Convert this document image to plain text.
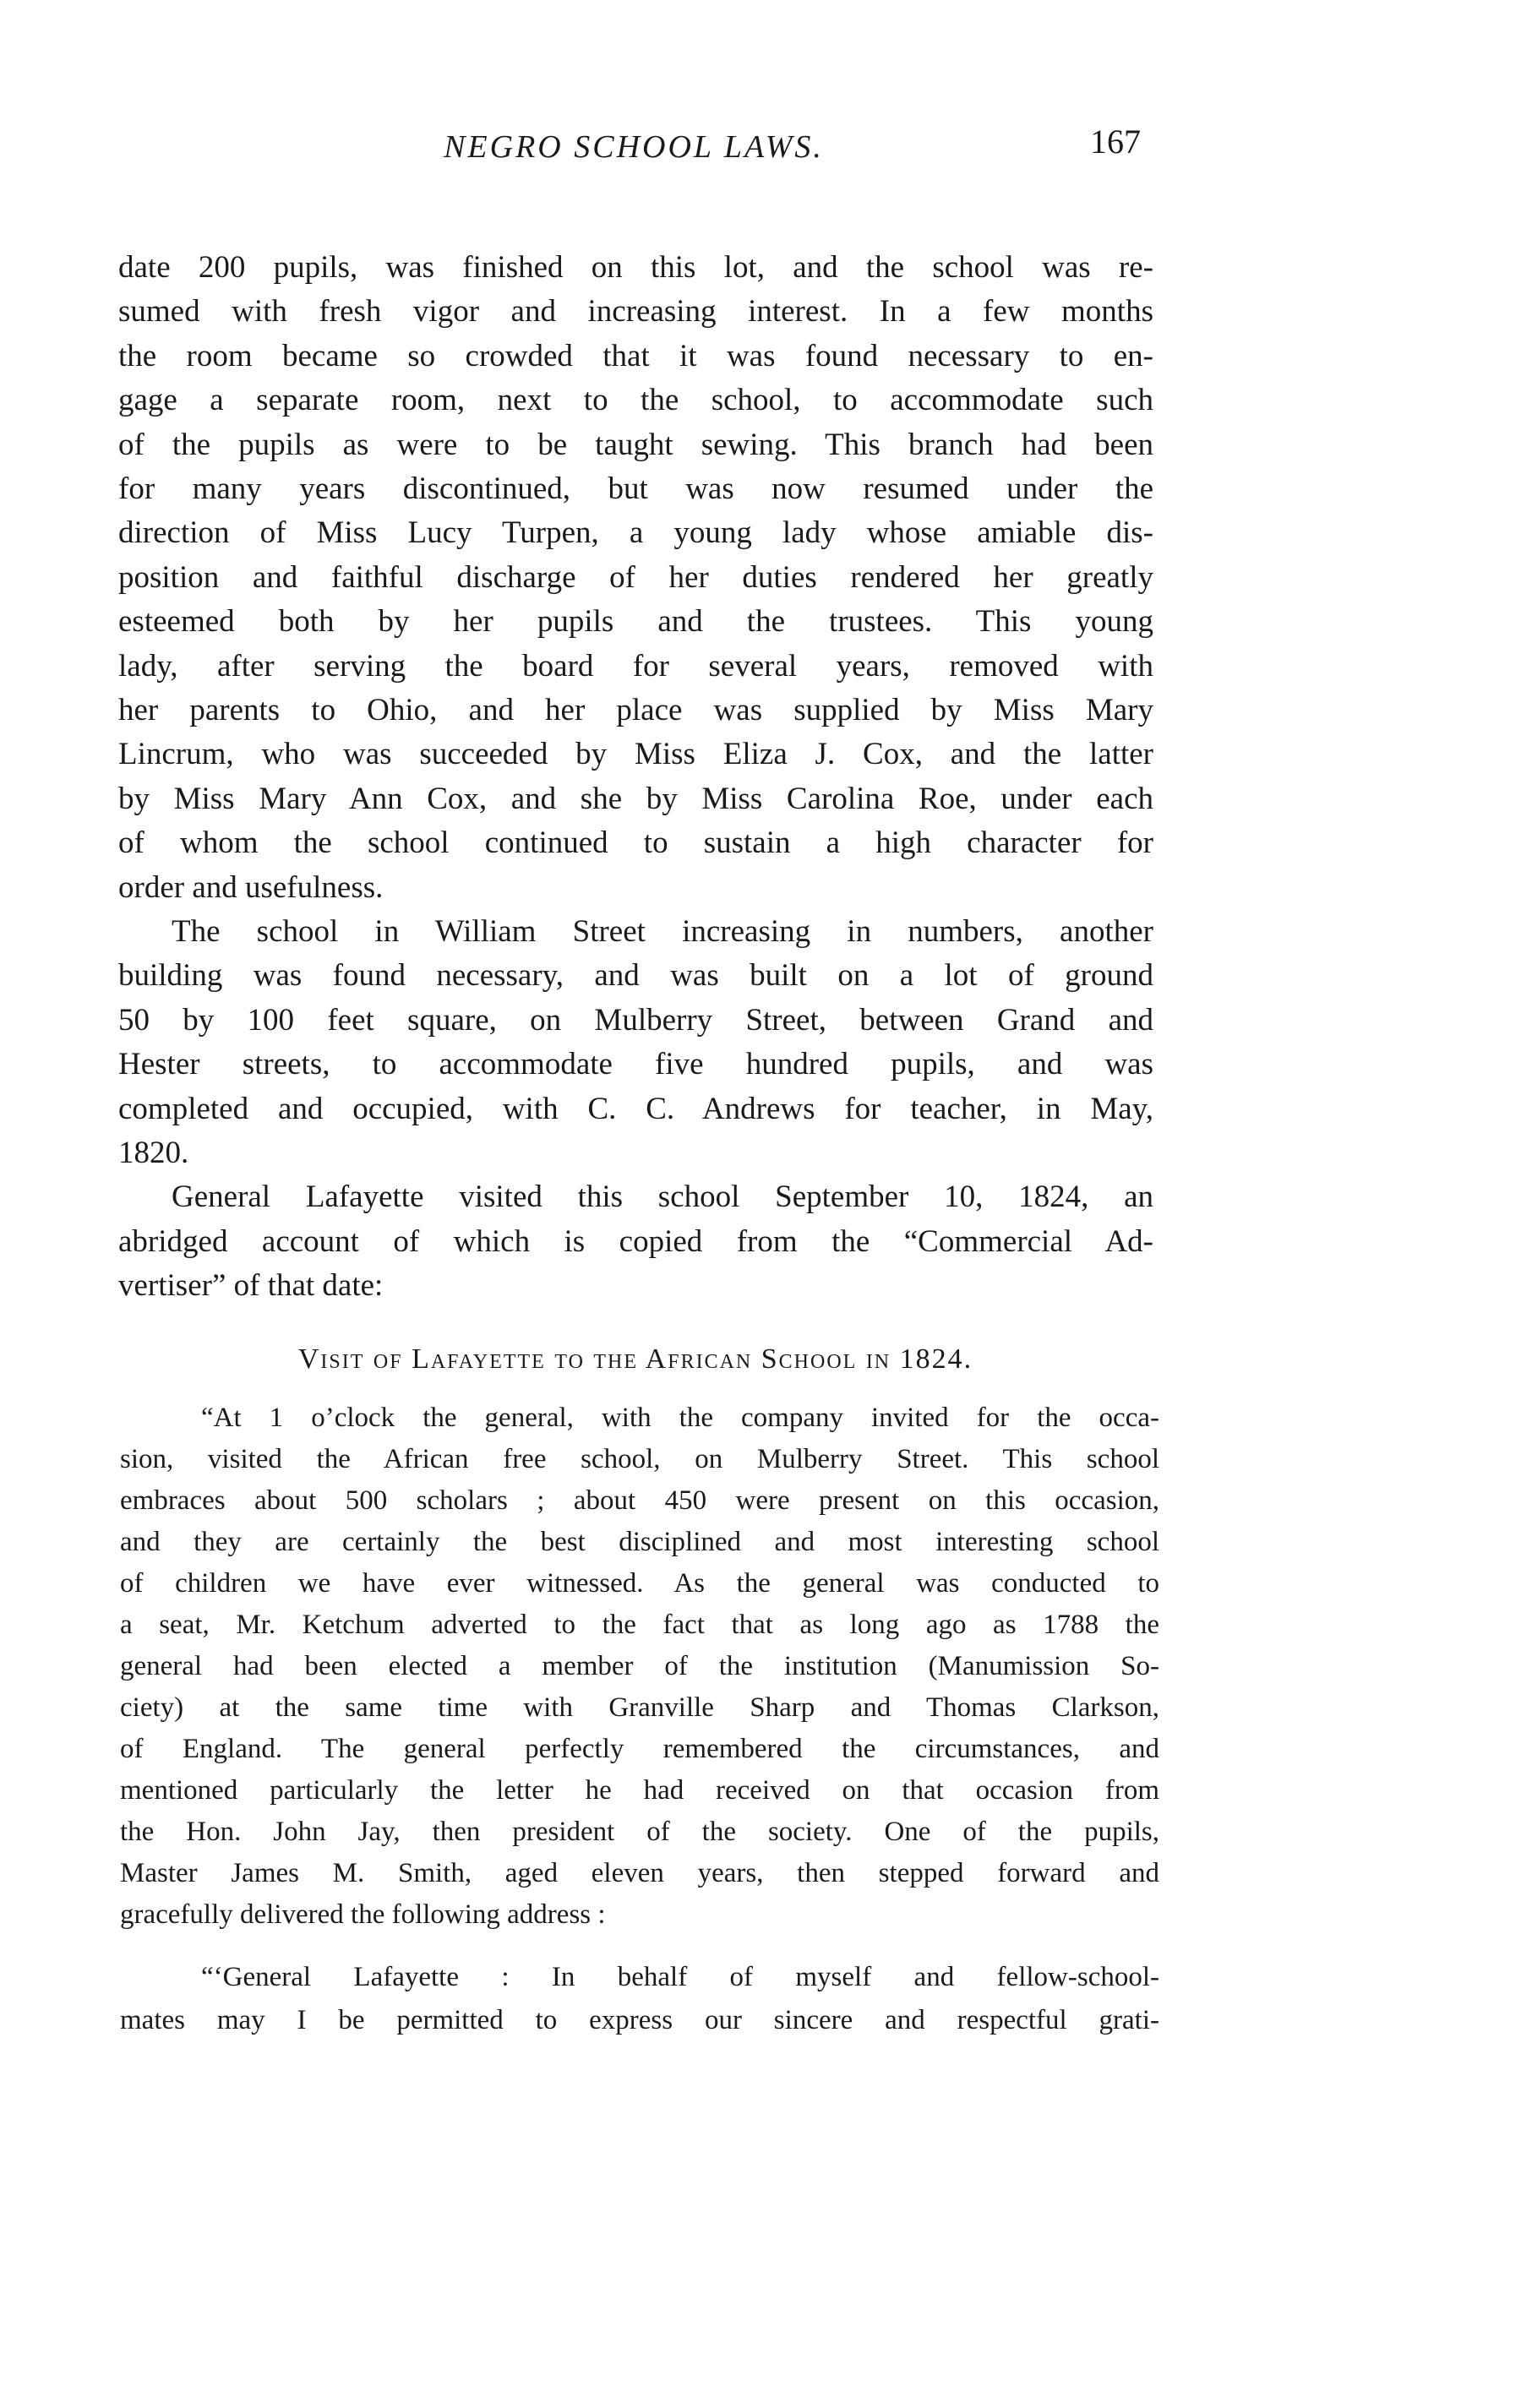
NEGRO SCHOOL LAWS.	167
Visit of Lafayette to the African School in 1824.
date 200 pupils, was finished on this lot, and the school was re-
sumed with fresh vigor and increasing interest. In a few months
the room became so crowded that it was found necessary to en-
gage a separate room, next to the school, to accommodate such
of the pupils as were to be taught sewing. This branch had been
for many years discontinued, but was now resumed under the
direction of Miss Lucy Turpen, a young lady whose amiable dis-
position and faithful discharge of her duties rendered her greatly
esteemed both by her pupils and the trustees. This young
lady, after serving the board for several years, removed with
her parents to Ohio, and her place was supplied by Miss Mary
Lincrum, who was succeeded by Miss Eliza J. Cox, and the latter
by Miss Mary Ann Cox, and she by Miss Carolina Roe, under each
of whom the school continued to sustain a high character for
order and usefulness.
The school in William Street increasing in numbers, another
building was found necessary, and was built on a lot of ground
50 by 100 feet square, on Mulberry Street, between Grand and
Hester streets, to accommodate five hundred pupils, and was
completed and occupied, with C. C. Andrews for teacher, in May,
1820.
General Lafayette visited this school September 10, 1824, an
abridged account of which is copied from the “Commercial Ad-
vertiser” of that date:
“At 1 o’clock the general, with the company invited for the occa-
sion, visited the African free school, on Mulberry Street. This school
embraces about 500 scholars ; about 450 were present on this occasion,
and they are certainly the best disciplined and most interesting school
of children we have ever witnessed. As the general was conducted to
a seat, Mr. Ketchum adverted to the fact that as long ago as 1788 the
general had been elected a member of the institution (Manumission So-
ciety) at the same time with Granville Sharp and Thomas Clarkson,
of England. The general perfectly remembered the circumstances, and
mentioned particularly the letter he had received on that occasion from
the Hon. John Jay, then president of the society. One of the pupils,
Master James M. Smith, aged eleven years, then stepped forward and
gracefully delivered the following address :
“‘General Lafayette : In behalf of myself and fellow-school-
mates may I be permitted to express our sincere and respectful grati-
